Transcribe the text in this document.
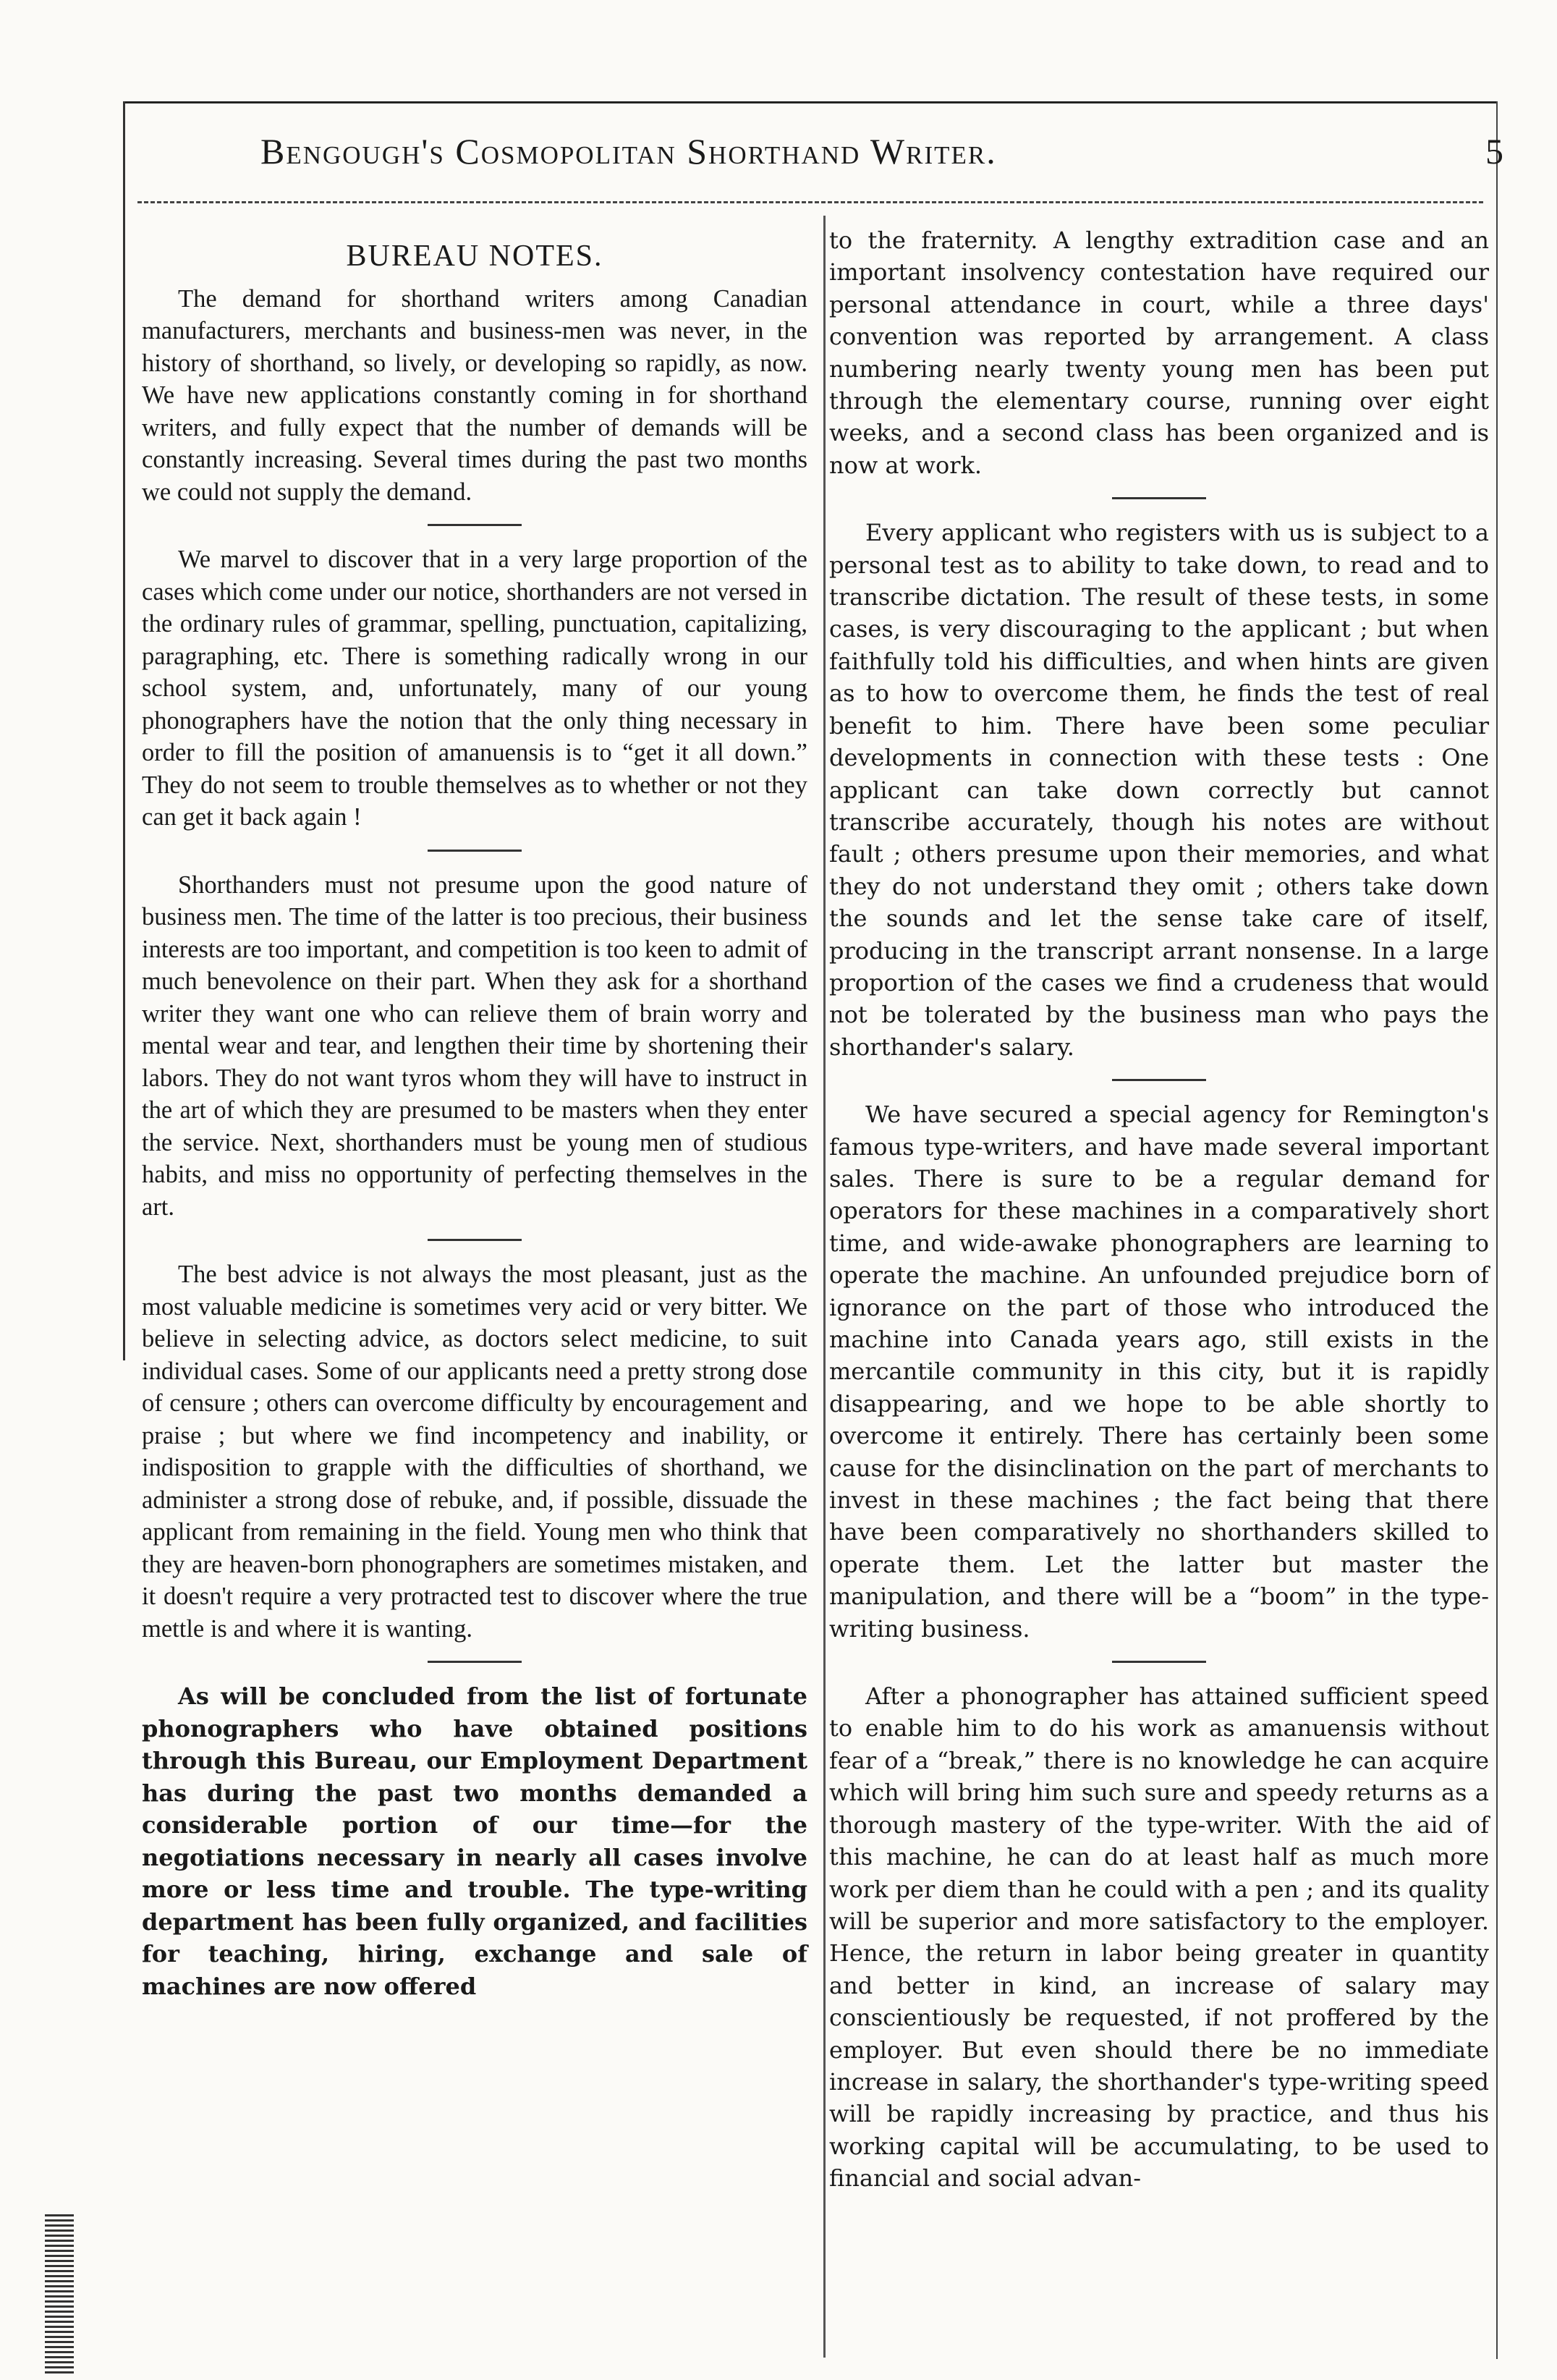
Bengough's Cosmopolitan Shorthand Writer.	5
BUREAU NOTES.

The demand for shorthand writers among Canadian manufacturers, merchants and business-men was never, in the history of shorthand, so lively, or developing so rapidly, as now. We have new applications constantly coming in for shorthand writers, and fully expect that the number of demands will be constantly increasing. Several times during the past two months we could not supply the demand.

We marvel to discover that in a very large proportion of the cases which come under our notice, shorthanders are not versed in the ordinary rules of grammar, spelling, punctuation, capitalizing, paragraphing, etc. There is something radically wrong in our school system, and, unfortunately, many of our young phonographers have the notion that the only thing necessary in order to fill the position of amanuensis is to “get it all down.” They do not seem to trouble themselves as to whether or not they can get it back again !

Shorthanders must not presume upon the good nature of business men. The time of the latter is too precious, their business interests are too important, and competition is too keen to admit of much benevolence on their part. When they ask for a shorthand writer they want one who can relieve them of brain worry and mental wear and tear, and lengthen their time by shortening their labors. They do not want tyros whom they will have to instruct in the art of which they are presumed to be masters when they enter the service. Next, shorthanders must be young men of studious habits, and miss no opportunity of perfecting themselves in the art.

The best advice is not always the most pleasant, just as the most valuable medicine is sometimes very acid or very bitter. We believe in selecting advice, as doctors select medicine, to suit individual cases. Some of our applicants need a pretty strong dose of censure ; others can overcome difficulty by encouragement and praise ; but where we find incompetency and inability, or indisposition to grapple with the difficulties of shorthand, we administer a strong dose of rebuke, and, if possible, dissuade the applicant from remaining in the field. Young men who think that they are heaven-born phonographers are sometimes mistaken, and it doesn't require a very protracted test to discover where the true mettle is and where it is wanting.

As will be concluded from the list of fortunate phonographers who have obtained positions through this Bureau, our Employment Department has during the past two months demanded a considerable portion of our time—for the negotiations necessary in nearly all cases involve more or less time and trouble. The type-writing department has been fully organized, and facilities for teaching, hiring, exchange and sale of machines are now offered

to the fraternity. A lengthy extradition case and an important insolvency contestation have required our personal attendance in court, while a three days' convention was reported by arrangement. A class numbering nearly twenty young men has been put through the elementary course, running over eight weeks, and a second class has been organized and is now at work.

Every applicant who registers with us is subject to a personal test as to ability to take down, to read and to transcribe dictation. The result of these tests, in some cases, is very discouraging to the applicant ; but when faithfully told his difficulties, and when hints are given as to how to overcome them, he finds the test of real benefit to him. There have been some peculiar developments in connection with these tests : One applicant can take down correctly but cannot transcribe accurately, though his notes are without fault ; others presume upon their memories, and what they do not understand they omit ; others take down the sounds and let the sense take care of itself, producing in the transcript arrant nonsense. In a large proportion of the cases we find a crudeness that would not be tolerated by the business man who pays the shorthander's salary.

We have secured a special agency for Remington's famous type-writers, and have made several important sales. There is sure to be a regular demand for operators for these machines in a comparatively short time, and wide-awake phonographers are learning to operate the machine. An unfounded prejudice born of ignorance on the part of those who introduced the machine into Canada years ago, still exists in the mercantile community in this city, but it is rapidly disappearing, and we hope to be able shortly to overcome it entirely. There has certainly been some cause for the disinclination on the part of merchants to invest in these machines ; the fact being that there have been comparatively no shorthanders skilled to operate them. Let the latter but master the manipulation, and there will be a “boom” in the type-writing business.

After a phonographer has attained sufficient speed to enable him to do his work as amanuensis without fear of a “break,” there is no knowledge he can acquire which will bring him such sure and speedy returns as a thorough mastery of the type-writer. With the aid of this machine, he can do at least half as much more work per diem than he could with a pen ; and its quality will be superior and more satisfactory to the employer. Hence, the return in labor being greater in quantity and better in kind, an increase of salary may conscientiously be requested, if not proffered by the employer. But even should there be no immediate increase in salary, the shorthander's type-writing speed will be rapidly increasing by practice, and thus his working capital will be accumulating, to be used to financial and social advan-
